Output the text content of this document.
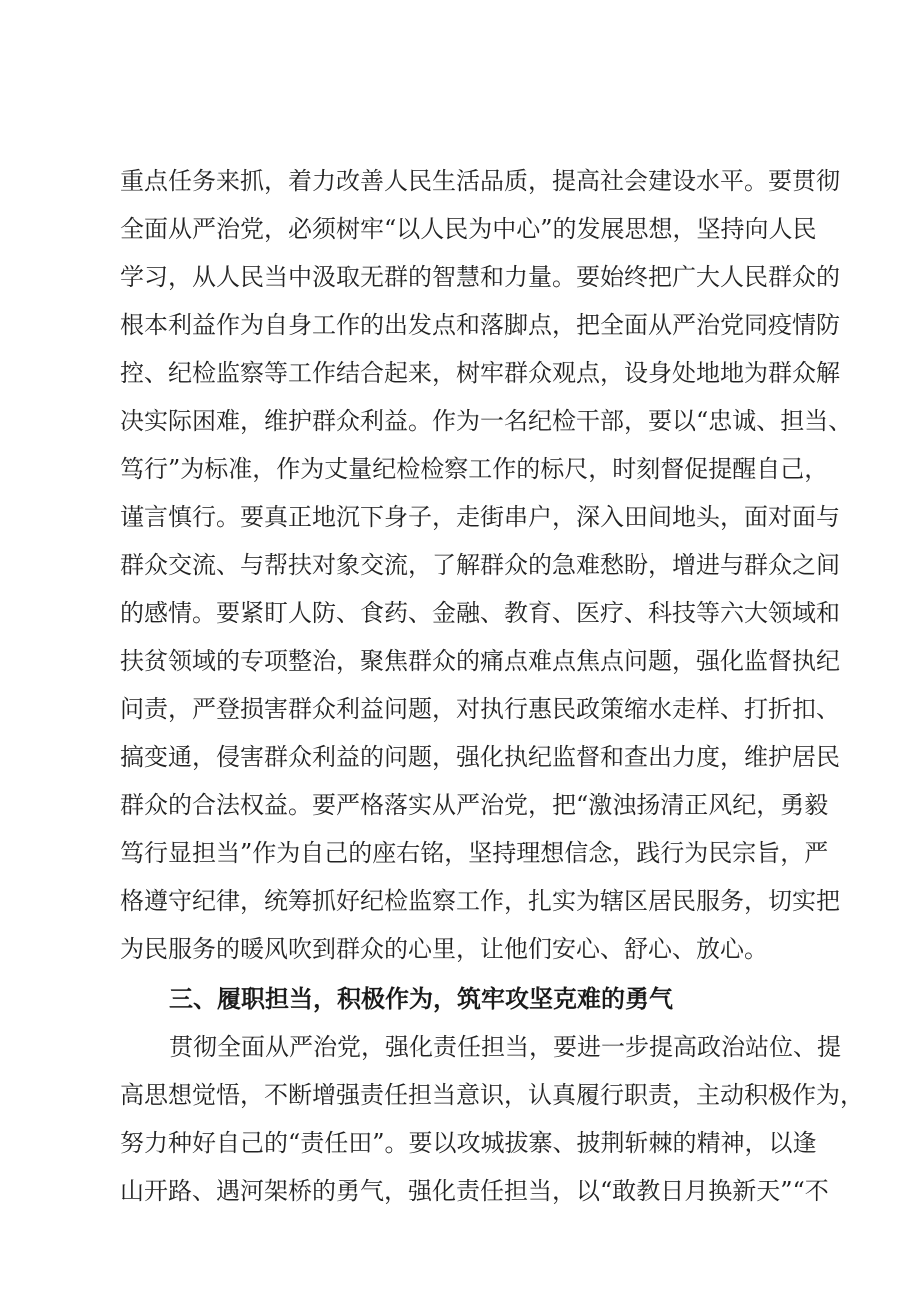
重点任务来抓，着力改善人民生活品质，提高社会建设水平。要贯彻
全面从严治党，必须树牢“以人民为中心”的发展思想，坚持向人民
学习，从人民当中汲取无群的智慧和力量。要始终把广大人民群众的
根本利益作为自身工作的出发点和落脚点，把全面从严治党同疫情防
控、纪检监察等工作结合起来，树牢群众观点，设身处地地为群众解
决实际困难，维护群众利益。作为一名纪检干部，要以“忠诚、担当、
笃行”为标准，作为丈量纪检检察工作的标尺，时刻督促提醒自己，
谨言慎行。要真正地沉下身子，走街串户，深入田间地头，面对面与
群众交流、与帮扶对象交流，了解群众的急难愁盼，增进与群众之间
的感情。要紧盯人防、食药、金融、教育、医疗、科技等六大领域和
扶贫领域的专项整治，聚焦群众的痛点难点焦点问题，强化监督执纪
问责，严登损害群众利益问题，对执行惠民政策缩水走样、打折扣、
搞变通，侵害群众利益的问题，强化执纪监督和查出力度，维护居民
群众的合法权益。要严格落实从严治党，把“激浊扬清正风纪，勇毅
笃行显担当”作为自己的座右铭，坚持理想信念，践行为民宗旨，严
格遵守纪律，统筹抓好纪检监察工作，扎实为辖区居民服务，切实把
为民服务的暖风吹到群众的心里，让他们安心、舒心、放心。
三、履职担当，积极作为，筑牢攻坚克难的勇气
贯彻全面从严治党，强化责任担当，要进一步提高政治站位、提
高思想觉悟，不断增强责任担当意识，认真履行职责，主动积极作为，
努力种好自己的“责任田”。要以攻城拔寨、披荆斩棘的精神，以逢
山开路、遇河架桥的勇气，强化责任担当，以“敢教日月换新天”“不
